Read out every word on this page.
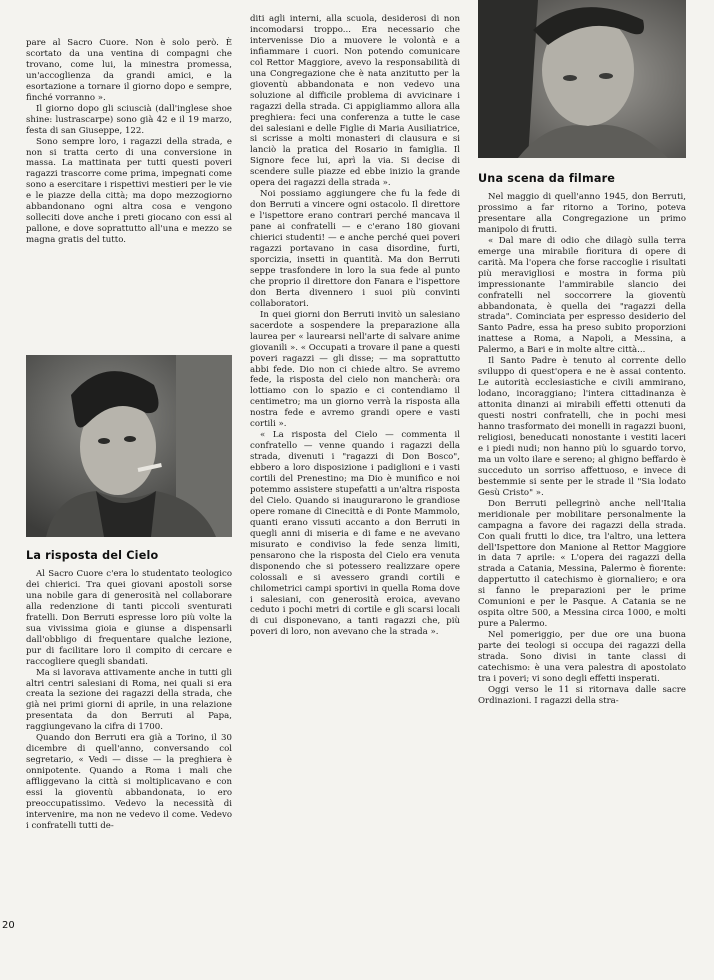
pare al Sacro Cuore. Non è solo però. È scortato da una ventina di compagni che trovano, come lui, la minestra promessa, un'accoglienza da grandi amici, e la esortazione a tornare il giorno dopo e sempre, finché vorranno ».

Il giorno dopo gli sciuscià (dall'inglese shoe shine: lustrascarpe) sono già 42 e il 19 marzo, festa di san Giuseppe, 122.

Sono sempre loro, i ragazzi della strada, e non si tratta certo di una conversione in massa. La mattinata per tutti questi poveri ragazzi trascorre come prima, impegnati come sono a esercitare i rispettivi mestieri per le vie e le piazze della città; ma dopo mezzogiorno abbandonano ogni altra cosa e vengono solleciti dove anche i preti giocano con essi al pallone, e dove soprattutto all'una e mezzo se magna gratis del tutto.

La risposta del Cielo

Al Sacro Cuore c'era lo studentato teologico dei chierici. Tra quei giovani apostoli sorse una nobile gara di generosità nel collaborare alla redenzione di tanti piccoli sventurati fratelli. Don Berruti espresse loro più volte la sua vivissima gioia e giunse a dispensarli dall'obbligo di frequentare qualche lezione, pur di facilitare loro il compito di cercare e raccogliere quegli sbandati.

Ma si lavorava attivamente anche in tutti gli altri centri salesiani di Roma, nei quali si era creata la sezione dei ragazzi della strada, che già nei primi giorni di aprile, in una relazione presentata da don Berruti al Papa, raggiungevano la cifra di 1700.

Quando don Berruti era già a Torino, il 30 dicembre di quell'anno, conversando col segretario, « Vedi — disse — la preghiera è onnipotente. Quando a Roma i mali che affliggevano la città si moltiplicavano e con essi la gioventù abbandonata, io ero preoccupatissimo. Vedevo la necessità di intervenire, ma non ne vedevo il come. Vedevo i confratelli tutti de-

diti agli interni, alla scuola, desiderosi di non incomodarsi troppo... Era necessario che intervenisse Dio a muovere le volontà e a infiammare i cuori. Non potendo comunicare col Rettor Maggiore, avevo la responsabilità di una Congregazione che è nata anzitutto per la gioventù abbandonata e non vedevo una soluzione al difficile problema di avvicinare i ragazzi della strada. Ci appigliammo allora alla preghiera: feci una conferenza a tutte le case dei salesiani e delle Figlie di Maria Ausiliatrice, si scrisse a molti monasteri di clausura e si lanciò la pratica del Rosario in famiglia. Il Signore fece lui, aprì la via. Si decise di scendere sulle piazze ed ebbe inizio la grande opera dei ragazzi della strada ».

Noi possiamo aggiungere che fu la fede di don Berruti a vincere ogni ostacolo. Il direttore e l'ispettore erano contrari perché mancava il pane ai confratelli — e c'erano 180 giovani chierici studenti! — e anche perché quei poveri ragazzi portavano in casa disordine, furti, sporcizia, insetti in quantità. Ma don Berruti seppe trasfondere in loro la sua fede al punto che proprio il direttore don Fanara e l'ispettore don Berta divennero i suoi più convinti collaboratori.

In quei giorni don Berruti invitò un salesiano sacerdote a sospendere la preparazione alla laurea per « laurearsi nell'arte di salvare anime giovanili ». « Occupati a trovare il pane a questi poveri ragazzi — gli disse; — ma soprattutto abbi fede. Dio non ci chiede altro. Se avremo fede, la risposta del cielo non mancherà: ora lottiamo con lo spazio e ci contendiamo il centimetro; ma un giorno verrà la risposta alla nostra fede e avremo grandi opere e vasti cortili ».

« La risposta del Cielo — commenta il confratello — venne quando i ragazzi della strada, divenuti i "ragazzi di Don Bosco", ebbero a loro disposizione i padiglioni e i vasti cortili del Prenestino; ma Dio è munifico e noi potemmo assistere stupefatti a un'altra risposta del Cielo. Quando si inaugurarono le grandiose opere romane di Cinecittà e di Ponte Mammolo, quanti erano vissuti accanto a don Berruti in quegli anni di miseria e di fame e ne avevano misurato e condiviso la fede senza limiti, pensarono che la risposta del Cielo era venuta disponendo che si potessero realizzare opere colossali e si avessero grandi cortili e chilometrici campi sportivi in quella Roma dove i salesiani, con generosità eroica, avevano ceduto i pochi metri di cortile e gli scarsi locali di cui disponevano, a tanti ragazzi che, più poveri di loro, non avevano che la strada ».

Una scena da filmare

Nel maggio di quell'anno 1945, don Berruti, prossimo a far ritorno a Torino, poteva presentare alla Congregazione un primo manipolo di frutti.

« Dal mare di odio che dilagò sulla terra emerge una mirabile fioritura di opere di carità. Ma l'opera che forse raccoglie i risultati più meravigliosi e mostra in forma più impressionante l'ammirabile slancio dei confratelli nel soccorrere la gioventù abbandonata, è quella dei "ragazzi della strada". Cominciata per espresso desiderio del Santo Padre, essa ha preso subito proporzioni inattese a Roma, a Napoli, a Messina, a Palermo, a Bari e in molte altre città...

Il Santo Padre è tenuto al corrente dello sviluppo di quest'opera e ne è assai contento. Le autorità ecclesiastiche e civili ammirano, lodano, incoraggiano; l'intera cittadinanza è attonita dinanzi ai mirabili effetti ottenuti da questi nostri confratelli, che in pochi mesi hanno trasformato dei monelli in ragazzi buoni, religiosi, beneducati nonostante i vestiti laceri e i piedi nudi; non hanno più lo sguardo torvo, ma un volto ilare e sereno; al ghigno beffardo è succeduto un sorriso affettuoso, e invece di bestemmie si sente per le strade il "Sia lodato Gesù Cristo" ».

Don Berruti pellegrinò anche nell'Italia meridionale per mobilitare personalmente la campagna a favore dei ragazzi della strada. Con quali frutti lo dice, tra l'altro, una lettera dell'Ispettore don Manione al Rettor Maggiore in data 7 aprile: « L'opera dei ragazzi della strada a Catania, Messina, Palermo è fiorente: dappertutto il catechismo è giornaliero; e ora si fanno le preparazioni per le prime Comunioni e per le Pasque. A Catania se ne ospita oltre 500, a Messina circa 1000, e molti pure a Palermo.

Nel pomeriggio, per due ore una buona parte dei teologi si occupa dei ragazzi della strada. Sono divisi in tante classi di catechismo: è una vera palestra di apostolato tra i poveri; vi sono degli effetti insperati.

Oggi verso le 11 si ritornava dalle sacre Ordinazioni. I ragazzi della stra-

20
